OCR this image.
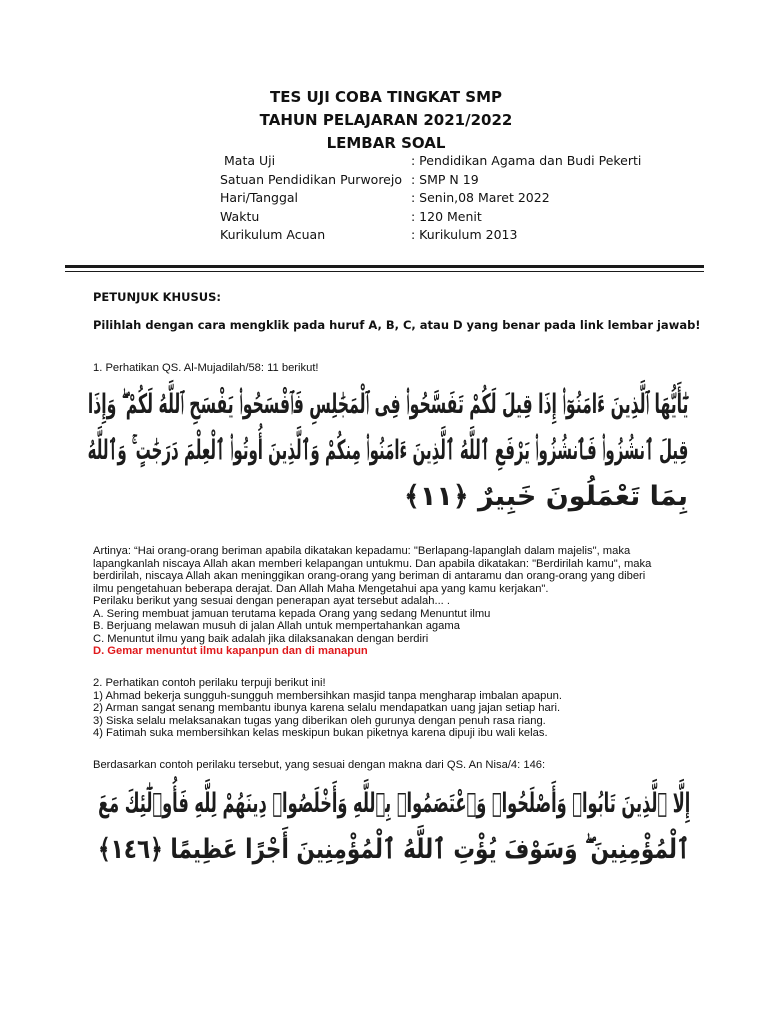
TES UJI COBA TINGKAT SMP
TAHUN PELAJARAN 2021/2022
LEMBAR SOAL
Mata Uji	: Pendidikan Agama dan Budi Pekerti
Satuan Pendidikan Purworejo : SMP N 19
Hari/Tanggal	: Senin,08 Maret 2022
Waktu	: 120 Menit
Kurikulum Acuan	: Kurikulum 2013
PETUNJUK KHUSUS:
Pilihlah dengan cara mengklik pada huruf A, B, C, atau D yang benar pada link lembar jawab!
1. Perhatikan QS. Al-Mujadilah/58: 11 berikut!
يَٰٓأَيُّهَا ٱلَّذِينَ ءَامَنُوٓا۟ إِذَا قِيلَ لَكُمْ تَفَسَّحُوا۟ فِى ٱلْمَجَٰلِسِ فَٱفْسَحُوا۟ يَفْسَحِ ٱللَّهُ لَكُمْ ۖ وَإِذَا
قِيلَ ٱنشُزُوا۟ فَٱنشُزُوا۟ يَرْفَعِ ٱللَّهُ ٱلَّذِينَ ءَامَنُوا۟ مِنكُمْ وَٱلَّذِينَ أُوتُوا۟ ٱلْعِلْمَ دَرَجَٰتٍ ۚ وَٱللَّهُ
بِمَا تَعْمَلُونَ خَبِيرٌ ﴿١١﴾
Artinya: “Hai orang-orang beriman apabila dikatakan kepadamu: "Berlapang-lapanglah dalam majelis", maka
lapangkanlah niscaya Allah akan memberi kelapangan untukmu. Dan apabila dikatakan: "Berdirilah kamu", maka
berdirilah, niscaya Allah akan meninggikan orang-orang yang beriman di antaramu dan orang-orang yang diberi
ilmu pengetahuan beberapa derajat. Dan Allah Maha Mengetahui apa yang kamu kerjakan".
Perilaku berikut yang sesuai dengan penerapan ayat tersebut adalah... .
A. Sering membuat jamuan terutama kepada Orang yang sedang Menuntut ilmu
B. Berjuang melawan musuh di jalan Allah untuk mempertahankan agama
C. Menuntut ilmu yang baik adalah jika dilaksanakan dengan berdiri
D. Gemar menuntut ilmu kapanpun dan di manapun
2. Perhatikan contoh perilaku terpuji berikut ini!
1) Ahmad bekerja sungguh-sungguh membersihkan masjid tanpa mengharap imbalan apapun.
2) Arman sangat senang membantu ibunya karena selalu mendapatkan uang jajan setiap hari.
3) Siska selalu melaksanakan tugas yang diberikan oleh gurunya dengan penuh rasa riang.
4) Fatimah suka membersihkan kelas meskipun bukan piketnya karena dipuji ibu wali kelas.
Berdasarkan contoh perilaku tersebut, yang sesuai dengan makna dari QS. An Nisa/4: 146:
إِلَّا ٱلَّذِينَ تَابُوا۟ وَأَصْلَحُوا۟ وَٱعْتَصَمُوا۟ بِٱللَّهِ وَأَخْلَصُوا۟ دِينَهُمْ لِلَّهِ فَأُو۟لَٰٓئِكَ مَعَ
ٱلْمُؤْمِنِينَ ۖ وَسَوْفَ يُؤْتِ ٱللَّهُ ٱلْمُؤْمِنِينَ أَجْرًا عَظِيمًا ﴿١٤٦﴾
